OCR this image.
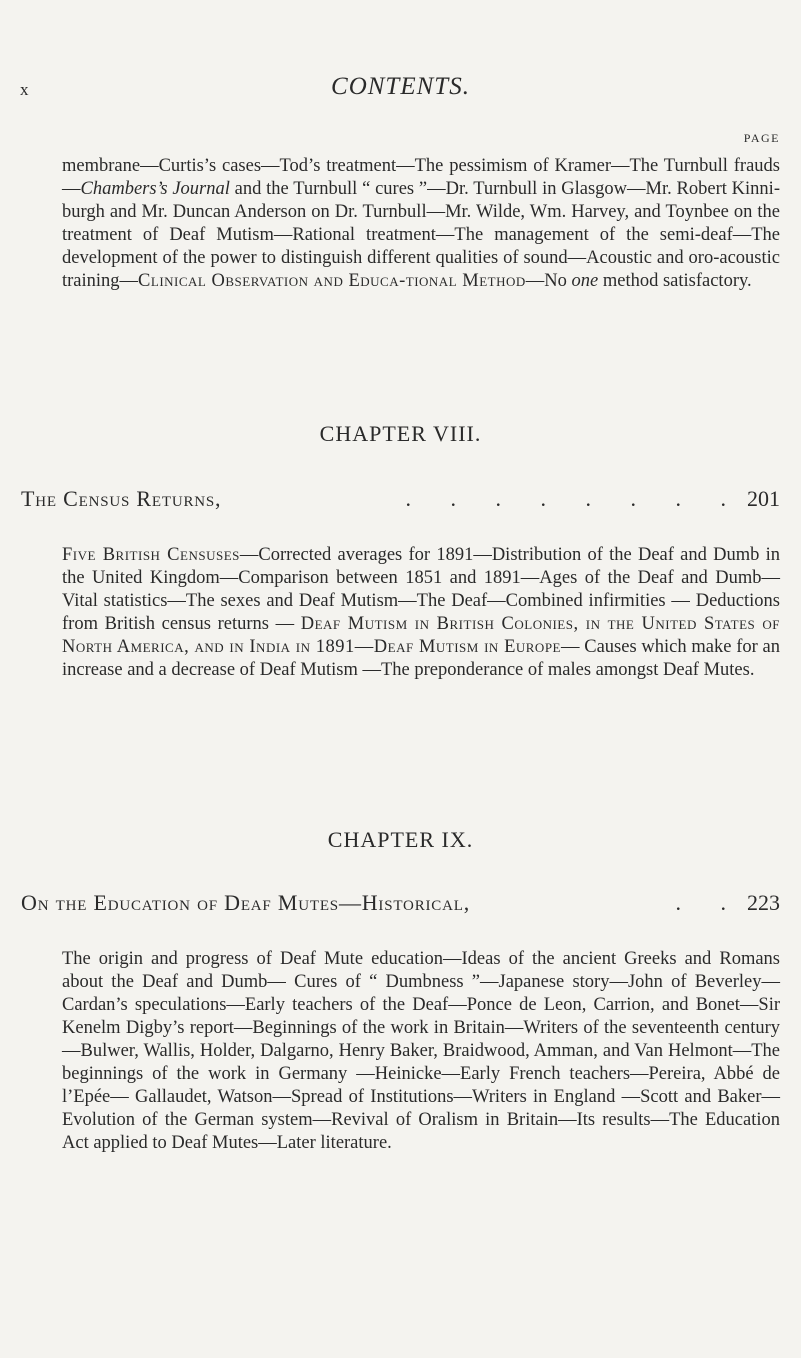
x	CONTENTS.
PAGE
membrane—Curtis’s cases—Tod’s treatment—The pessimism of Kramer—The Turnbull frauds—Chambers’s Journal and the Turnbull “ cures ”—Dr. Turnbull in Glasgow—Mr. Robert Kinni-burgh and Mr. Duncan Anderson on Dr. Turnbull—Mr. Wilde, Wm. Harvey, and Toynbee on the treatment of Deaf Mutism—Rational treatment—The management of the semi-deaf—The development of the power to distinguish different qualities of sound—Acoustic and oro-acoustic training—Clinical Observation and Educa-tional Method—No one method satisfactory.
CHAPTER VIII.
The Census Returns,	. . . . . . . . 201
Five British Censuses—Corrected averages for 1891—Distribution of the Deaf and Dumb in the United Kingdom—Comparison between 1851 and 1891—Ages of the Deaf and Dumb—Vital statistics—The sexes and Deaf Mutism—The Deaf—Combined infirmities — Deductions from British census returns — Deaf Mutism in British Colonies, in the United States of North America, and in India in 1891—Deaf Mutism in Europe— Causes which make for an increase and a decrease of Deaf Mutism —The preponderance of males amongst Deaf Mutes.
CHAPTER IX.
On the Education of Deaf Mutes—Historical,	. . 223
The origin and progress of Deaf Mute education—Ideas of the ancient Greeks and Romans about the Deaf and Dumb— Cures of “ Dumbness ”—Japanese story—John of Beverley— Cardan’s speculations—Early teachers of the Deaf—Ponce de Leon, Carrion, and Bonet—Sir Kenelm Digby’s report—Beginnings of the work in Britain—Writers of the seventeenth century—Bulwer, Wallis, Holder, Dalgarno, Henry Baker, Braidwood, Amman, and Van Helmont—The beginnings of the work in Germany —Heinicke—Early French teachers—Pereira, Abbé de l’Epée— Gallaudet, Watson—Spread of Institutions—Writers in England —Scott and Baker—Evolution of the German system—Revival of Oralism in Britain—Its results—The Education Act applied to Deaf Mutes—Later literature.
